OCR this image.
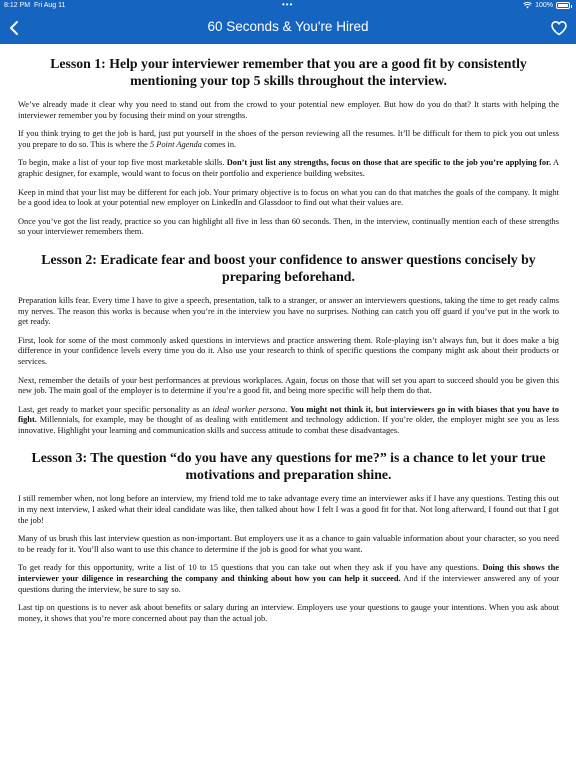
8:12 PM Fri Aug 11	•••	100%
60 Seconds & You're Hired
Lesson 1: Help your interviewer remember that you are a good fit by consistently mentioning your top 5 skills throughout the interview.

We’ve already made it clear why you need to stand out from the crowd to your potential new employer. But how do you do that? It starts with helping the interviewer remember you by focusing their mind on your strengths.

If you think trying to get the job is hard, just put yourself in the shoes of the person reviewing all the resumes. It’ll be difficult for them to pick you out unless you prepare to do so. This is where the 5 Point Agenda comes in.

To begin, make a list of your top five most marketable skills. Don’t just list any strengths, focus on those that are specific to the job you’re applying for. A graphic designer, for example, would want to focus on their portfolio and experience building websites.

Keep in mind that your list may be different for each job. Your primary objective is to focus on what you can do that matches the goals of the company. It might be a good idea to look at your potential new employer on LinkedIn and Glassdoor to find out what their values are.

Once you’ve got the list ready, practice so you can highlight all five in less than 60 seconds. Then, in the interview, continually mention each of these strengths so your interviewer remembers them.

Lesson 2: Eradicate fear and boost your confidence to answer questions concisely by preparing beforehand.

Preparation kills fear. Every time I have to give a speech, presentation, talk to a stranger, or answer an interviewers questions, taking the time to get ready calms my nerves. The reason this works is because when you’re in the interview you have no surprises. Nothing can catch you off guard if you’ve put in the work to get ready.

First, look for some of the most commonly asked questions in interviews and practice answering them. Role-playing isn’t always fun, but it does make a big difference in your confidence levels every time you do it. Also use your research to think of specific questions the company might ask about their products or services.

Next, remember the details of your best performances at previous workplaces. Again, focus on those that will set you apart to succeed should you be given this new job. The main goal of the employer is to determine if you’re a good fit, and being more specific will help them do that.

Last, get ready to market your specific personality as an ideal worker persona. You might not think it, but interviewers go in with biases that you have to fight. Millennials, for example, may be thought of as dealing with entitlement and technology addiction. If you’re older, the employer might see you as less innovative. Highlight your learning and communication skills and success attitude to combat these disadvantages.

Lesson 3: The question “do you have any questions for me?” is a chance to let your true motivations and preparation shine.

I still remember when, not long before an interview, my friend told me to take advantage every time an interviewer asks if I have any questions. Testing this out in my next interview, I asked what their ideal candidate was like, then talked about how I felt I was a good fit for that. Not long afterward, I found out that I got the job!

Many of us brush this last interview question as non-important. But employers use it as a chance to gain valuable information about your character, so you need to be ready for it. You’ll also want to use this chance to determine if the job is good for what you want.

To get ready for this opportunity, write a list of 10 to 15 questions that you can take out when they ask if you have any questions. Doing this shows the interviewer your diligence in researching the company and thinking about how you can help it succeed. And if the interviewer answered any of your questions during the interview, be sure to say so.

Last tip on questions is to never ask about benefits or salary during an interview. Employers use your questions to gauge your intentions. When you ask about money, it shows that you’re more concerned about pay than the actual job.
